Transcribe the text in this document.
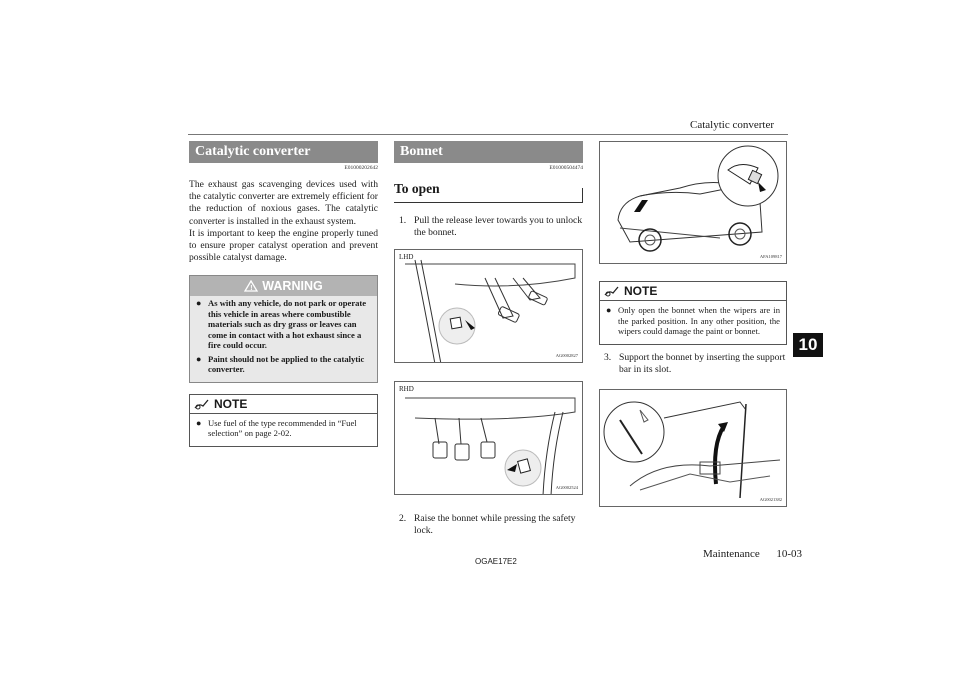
Catalytic converter
10
Catalytic converter
E01000202642
The exhaust gas scavenging devices used with the catalytic converter are extremely efficient for the reduction of noxious gases. The catalytic converter is installed in the exhaust system.
It is important to keep the engine properly tuned to ensure proper catalyst operation and prevent possible catalyst damage.
! WARNING
● As with any vehicle, do not park or operate this vehicle in areas where combustible materials such as dry grass or leaves can come in contact with a hot exhaust since a fire could occur.
● Paint should not be applied to the catalytic converter.
NOTE
● Use fuel of the type recommended in “Fuel selection” on page 2-02.
Bonnet
E01000504474
To open
1. Pull the release lever towards you to unlock the bonnet.
LHD
AG0002827
RHD
AG0002524
2. Raise the bonnet while pressing the safety lock.
AFA109817
NOTE
● Only open the bonnet when the wipers are in the parked position. In any other position, the wipers could damage the paint or bonnet.
3. Support the bonnet by inserting the support bar in its slot.
AG0021382
OGAE17E2
Maintenance 10-03
